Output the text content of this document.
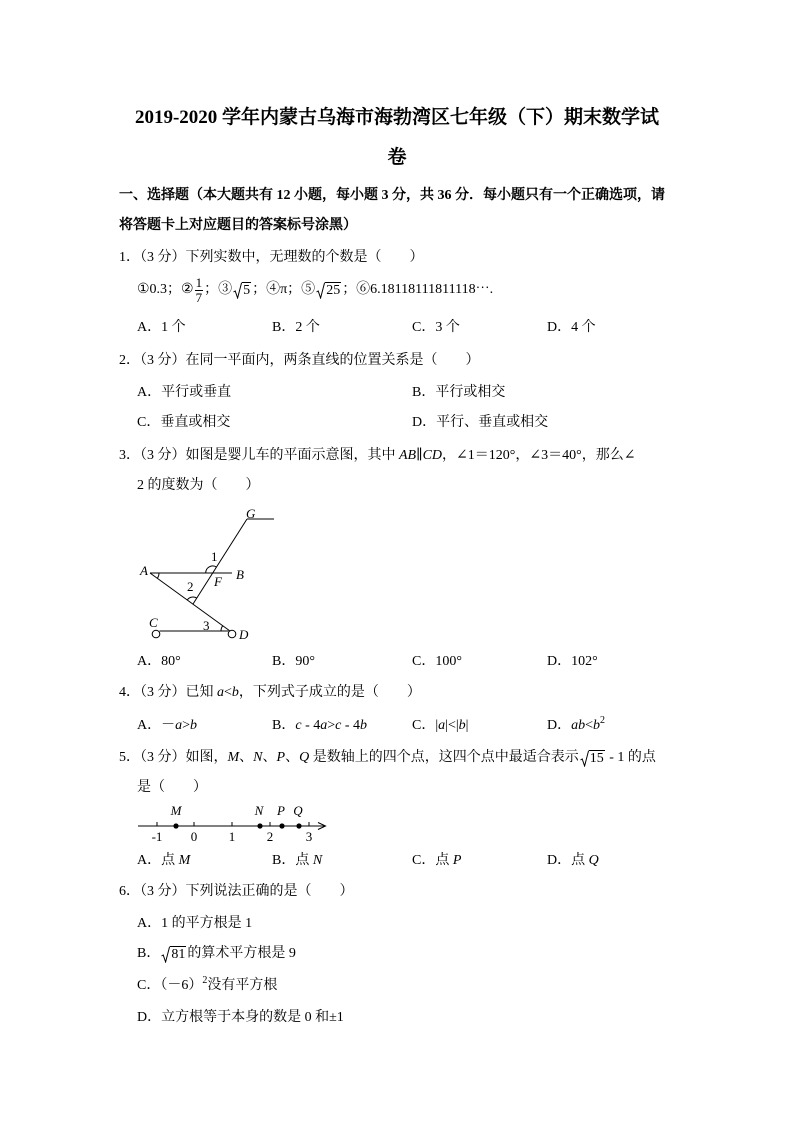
2019-2020 学年内蒙古乌海市海勃湾区七年级（下）期末数学试
卷
一、选择题（本大题共有 12 小题，每小题 3 分，共 36 分．每小题只有一个正确选项，请
将答题卡上对应题目的答案标号涂黑）
1．（3 分）下列实数中，无理数的个数是（　　）
①0.3；② $\frac{1}{7}$ ；③ 5 ；④π；⑤ 25 ；⑥6.18118111811118⋯.
A．1 个	B．2 个	C．3 个	D．4 个
2．（3 分）在同一平面内，两条直线的位置关系是（　　）
A．平行或垂直	B．平行或相交
C．垂直或相交	D．平行、垂直或相交
3．（3 分）如图是婴儿车的平面示意图，其中 AB ∥ CD ，∠1＝120°，∠3＝40°，那么∠
2 的度数为（　　）
G
1
A	B
F
2
C	3
D
A．80°	B．90°	C．100°	D．102°
4．（3 分）已知 a < b ，下列式子成立的是（　　）
A． － a > b	B． c - 4 a > c - 4 b	C． | a |<| b |	D． ab < b 2
5．（3 分）如图， M 、 N 、 P 、 Q 是数轴上的四个点，这四个点中最适合表示 15 - 1 的点
是（　　）
-1 0 1 2	3
M	N P Q
A．点 M	B．点 N	C．点 P	D．点 Q
6．（3 分）下列说法正确的是（　　）
A．1 的平方根是 1
B． 81 的算术平方根是 9
C．（－6） 2 没有平方根
D．立方根等于本身的数是 0 和±1
